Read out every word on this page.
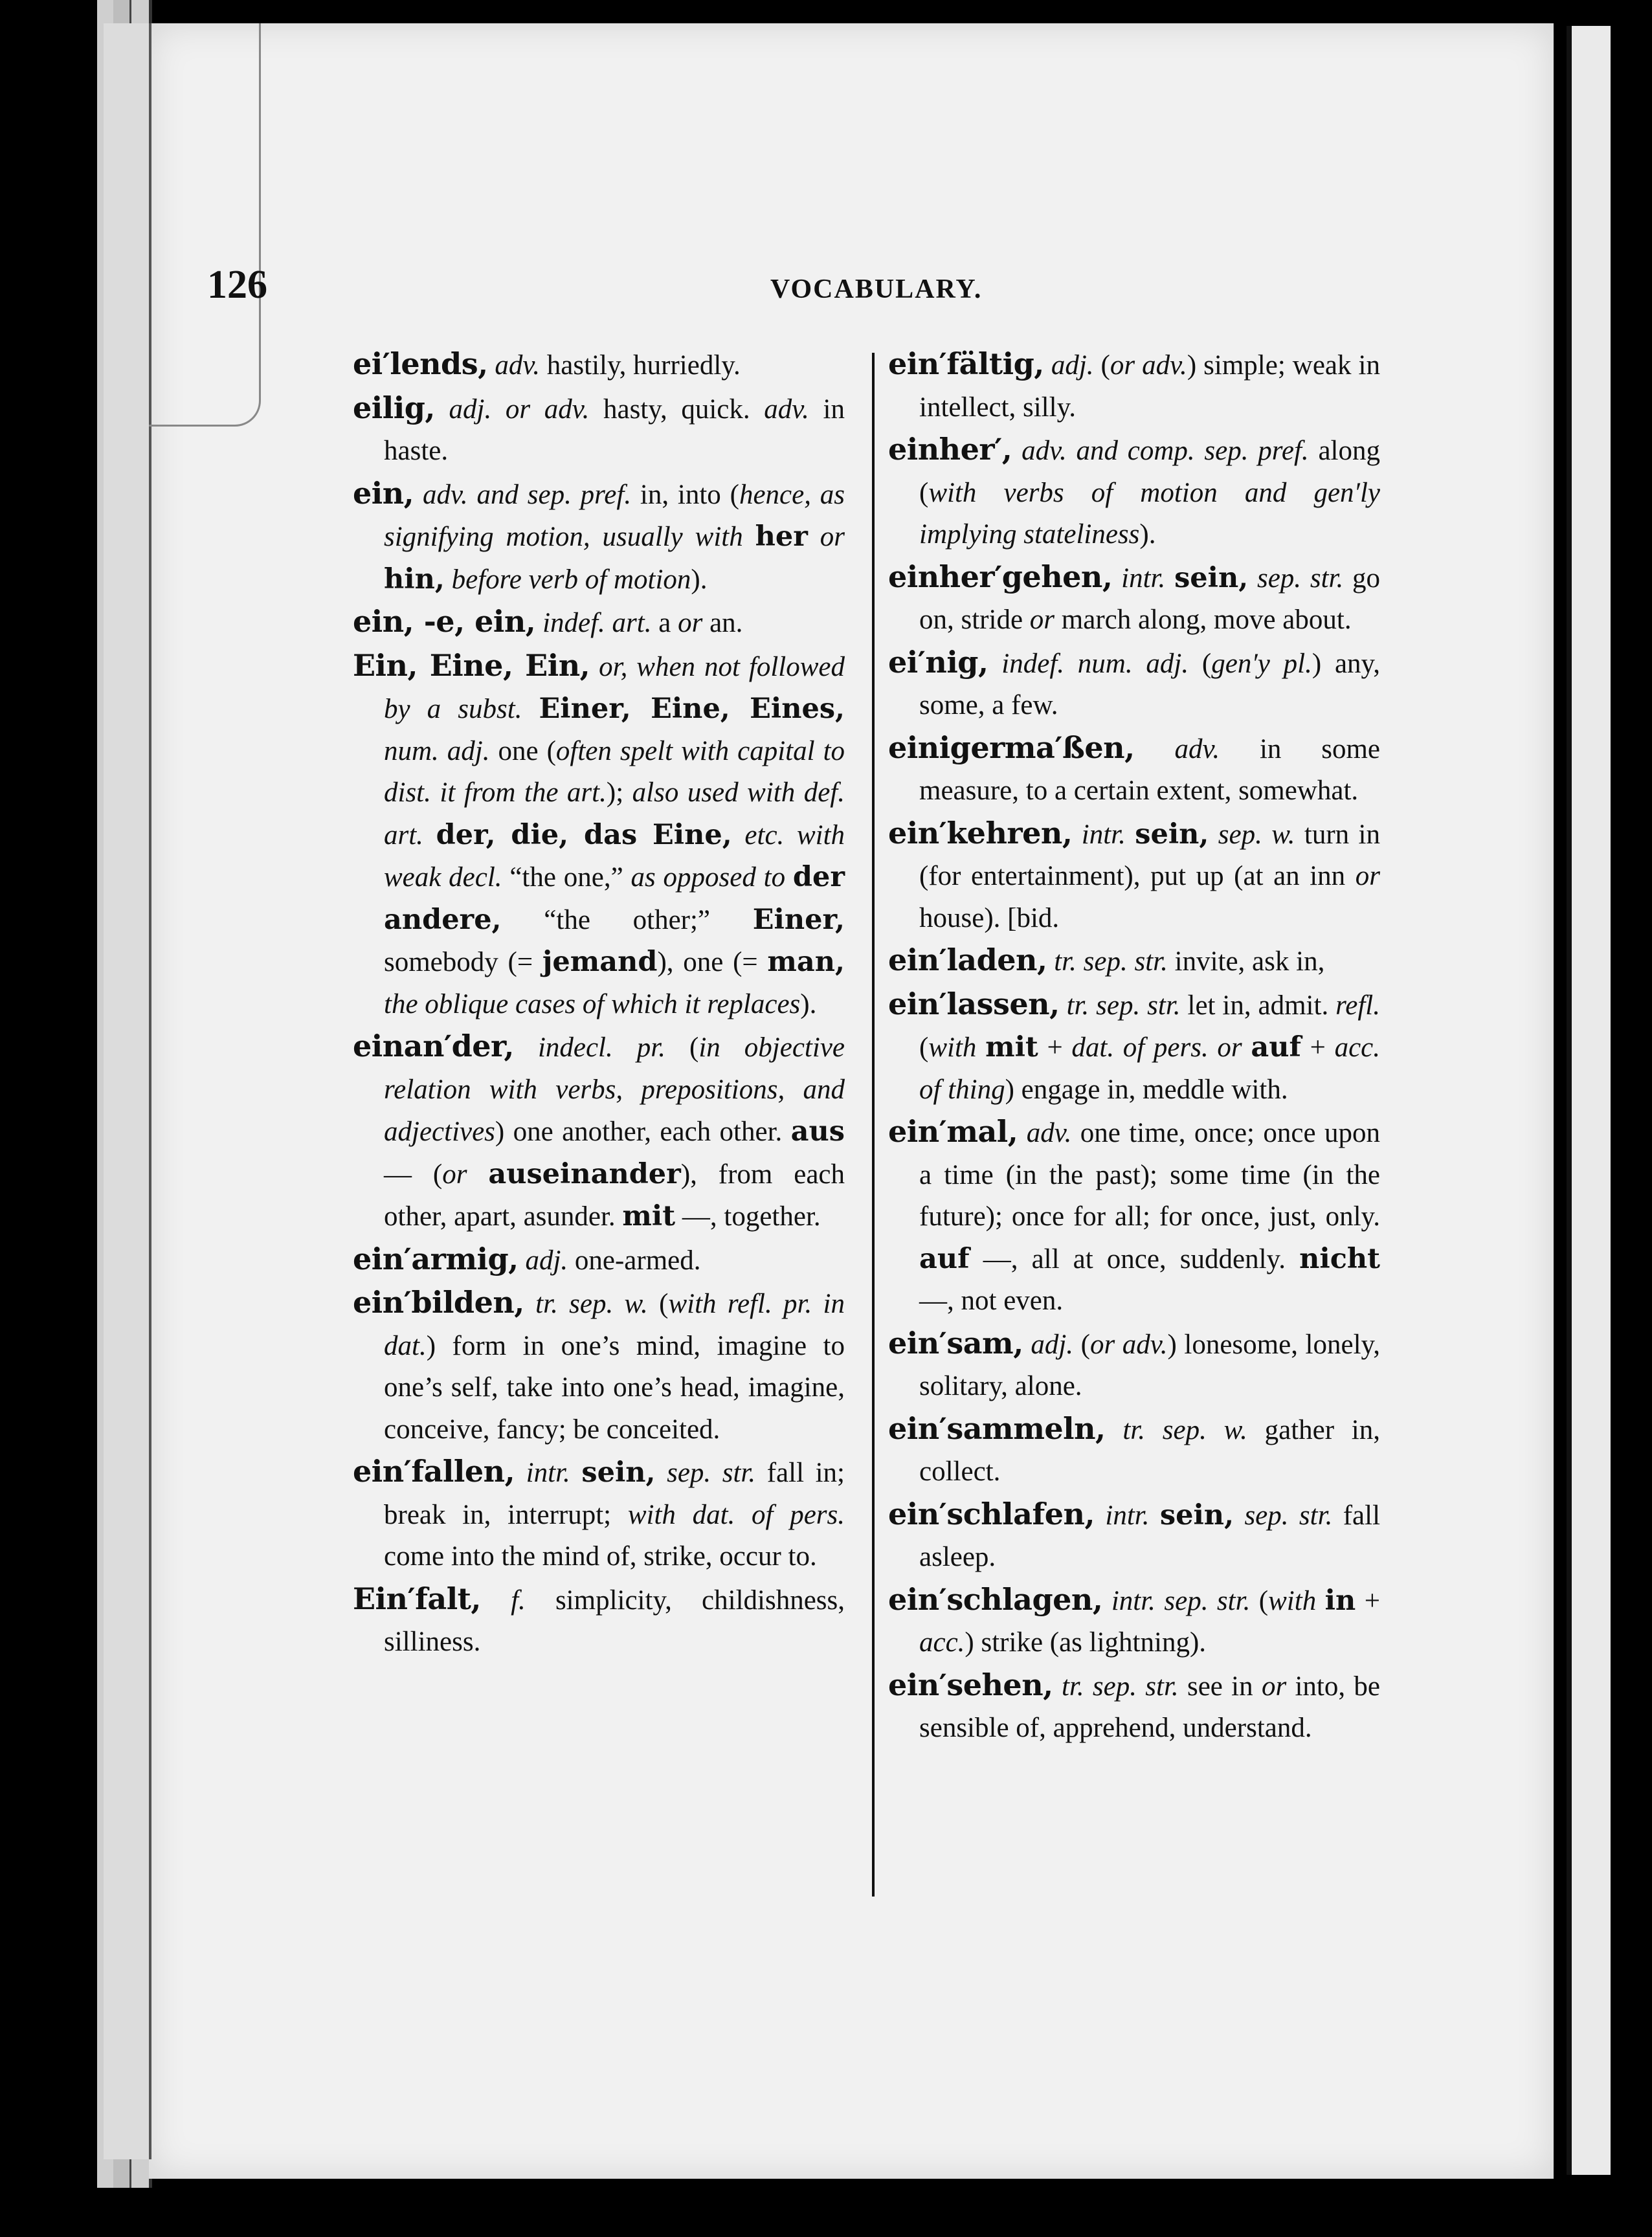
126	VOCABULARY.
ei′lends, adv. hastily, hurriedly.
eilig, adj. or adv. hasty, quick. adv. in haste.
ein, adv. and sep. pref. in, into (hence, as signifying motion, usually with her or hin, before verb of motion).
ein, -e, ein, indef. art. a or an.
Ein, Eine, Ein, or, when not followed by a subst. Einer, Eine, Eines, num. adj. one (often spelt with capital to dist. it from the art.); also used with def. art. der, die, das Eine, etc. with weak decl. “the one,” as opposed to der andere, “the other;” Einer, somebody (= jemand), one (= man, the oblique cases of which it replaces).
einan′der, indecl. pr. (in objective relation with verbs, prepositions, and adjectives) one another, each other. aus — (or auseinander), from each other, apart, asunder. mit —, together.
ein′armig, adj. one-armed.
ein′bilden, tr. sep. w. (with refl. pr. in dat.) form in one’s mind, imagine to one’s self, take into one’s head, imagine, conceive, fancy; be conceited.
ein′fallen, intr. sein, sep. str. fall in; break in, interrupt; with dat. of pers. come into the mind of, strike, occur to.
Ein′falt, f. simplicity, childishness, silliness.
ein′fältig, adj. (or adv.) simple; weak in intellect, silly.
einher′, adv. and comp. sep. pref. along (with verbs of motion and gen′ly implying stateliness).
einher′gehen, intr. sein, sep. str. go on, stride or march along, move about.
ei′nig, indef. num. adj. (gen′y pl.) any, some, a few.
einigerma′ßen, adv. in some measure, to a certain extent, somewhat.
ein′kehren, intr. sein, sep. w. turn in (for entertainment), put up (at an inn or house). [bid.
ein′laden, tr. sep. str. invite, ask in,
ein′lassen, tr. sep. str. let in, admit. refl. (with mit + dat. of pers. or auf + acc. of thing) engage in, meddle with.
ein′mal, adv. one time, once; once upon a time (in the past); some time (in the future); once for all; for once, just, only. auf —, all at once, suddenly. nicht —, not even.
ein′sam, adj. (or adv.) lonesome, lonely, solitary, alone.
ein′sammeln, tr. sep. w. gather in, collect.
ein′schlafen, intr. sein, sep. str. fall asleep.
ein′schlagen, intr. sep. str. (with in + acc.) strike (as lightning).
ein′sehen, tr. sep. str. see in or into, be sensible of, apprehend, understand.
